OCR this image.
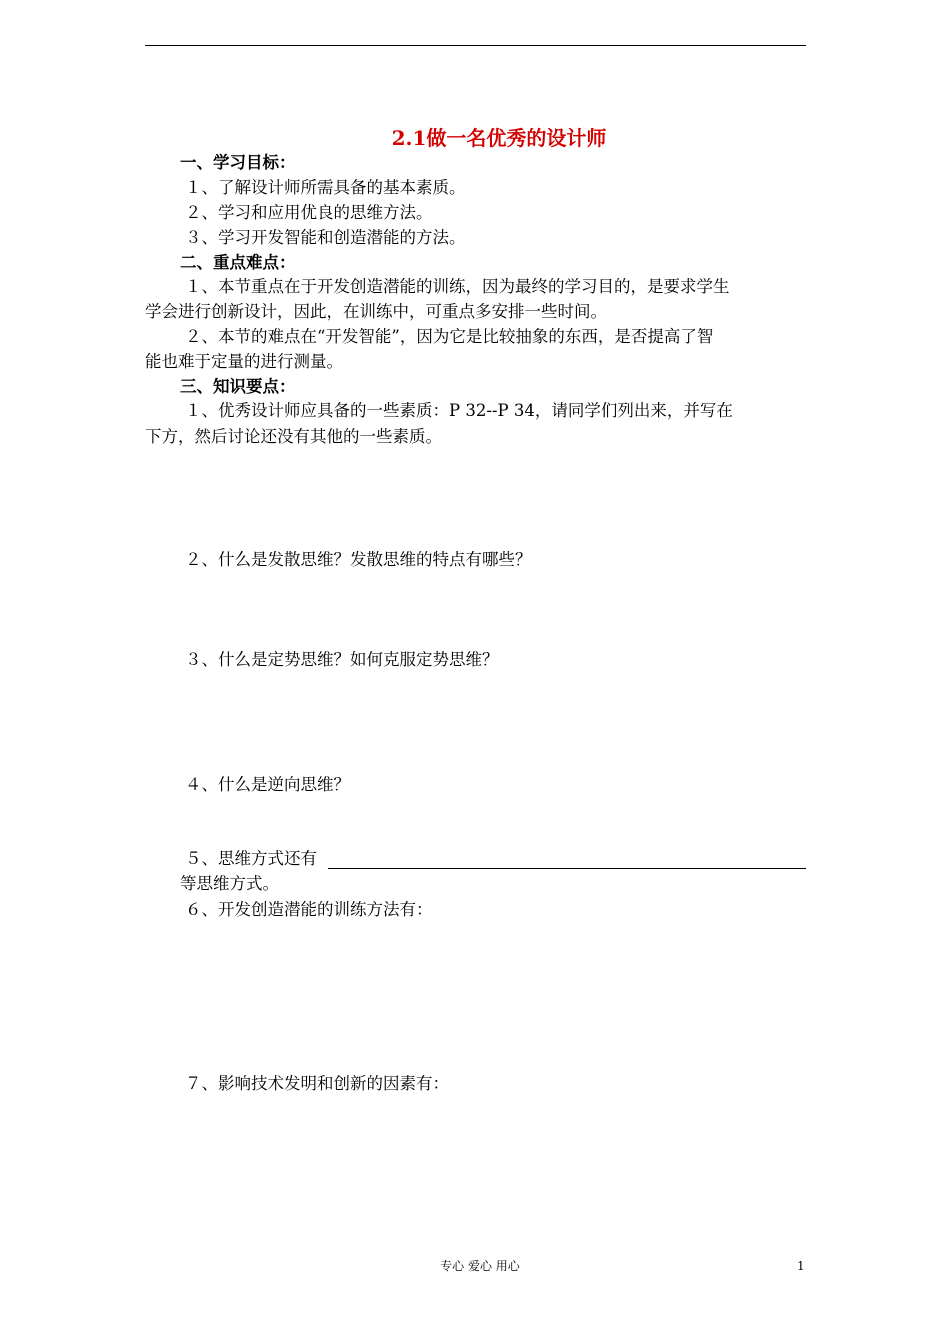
2.1做一名优秀的设计师
一、学习目标：
１、了解设计师所需具备的基本素质。
２、学习和应用优良的思维方法。
３、学习开发智能和创造潜能的方法。
二、重点难点：
１、本节重点在于开发创造潜能的训练，因为最终的学习目的，是要求学生
学会进行创新设计，因此，在训练中，可重点多安排一些时间。
２、本节的难点在“开发智能”，因为它是比较抽象的东西，是否提高了智
能也难于定量的进行测量。
三、知识要点：
１、优秀设计师应具备的一些素质：P 32--P 34，请同学们列出来，并写在
下方，然后讨论还没有其他的一些素质。
２、什么是发散思维？发散思维的特点有哪些？
３、什么是定势思维？如何克服定势思维？
４、什么是逆向思维？
５、思维方式还有
等思维方式。
６、开发创造潜能的训练方法有：
７、影响技术发明和创新的因素有：
专心 爱心 用心	1
